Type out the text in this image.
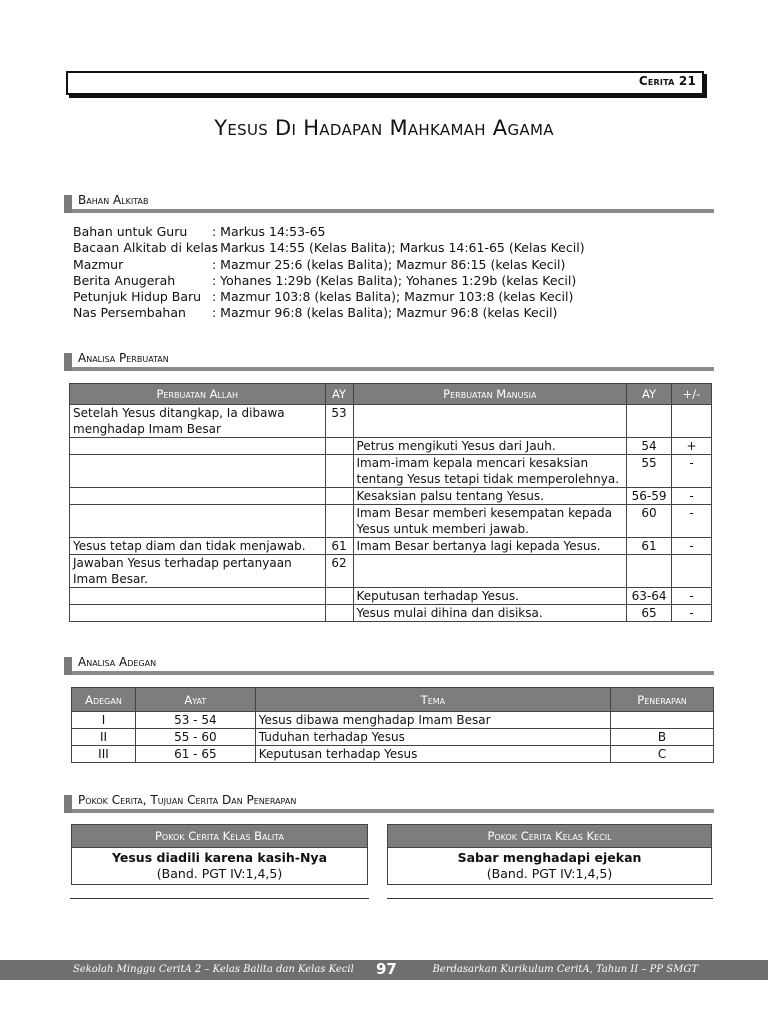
Cerita 21
Yesus Di Hadapan Mahkamah Agama
Bahan Alkitab
Bahan untuk Guru	: Markus 14:53-65
Bacaan Alkitab di kelas
: Markus 14:55 (Kelas Balita); Markus 14:61-65 (Kelas Kecil)
Mazmur	: Mazmur 25:6 (kelas Balita); Mazmur 86:15 (kelas Kecil)
Berita Anugerah	: Yohanes 1:29b (Kelas Balita); Yohanes 1:29b (kelas Kecil)
Petunjuk Hidup Baru : Mazmur 103:8 (kelas Balita); Mazmur 103:8 (kelas Kecil)
Nas Persembahan	: Mazmur 96:8 (kelas Balita); Mazmur 96:8 (kelas Kecil)
Analisa Perbuatan
Perbuatan Allah	AY	Perbuatan Manusia	AY	+/-
Setelah Yesus ditangkap, Ia dibawa menghadap Imam Besar	53			
		Petrus mengikuti Yesus dari Jauh.	54	+
		Imam-imam kepala mencari kesaksian tentang Yesus tetapi tidak memperolehnya.	55	-
		Kesaksian palsu tentang Yesus.	56-59	-
		Imam Besar memberi kesempatan kepada Yesus untuk memberi jawab.	60	-
Yesus tetap diam dan tidak menjawab.	61	Imam Besar bertanya lagi kepada Yesus.	61	-
Jawaban Yesus terhadap pertanyaan Imam Besar.	62			
		Keputusan terhadap Yesus.	63-64	-
		Yesus mulai dihina dan disiksa.	65	-
Analisa Adegan
Adegan	Ayat	Tema	Penerapan
I	53 - 54	Yesus dibawa menghadap Imam Besar	
II	55 - 60	Tuduhan terhadap Yesus	B
III	61 - 65	Keputusan terhadap Yesus	C
Pokok Cerita, Tujuan Cerita Dan Penerapan
Pokok Cerita Kelas Balita
Yesus diadili karena kasih-Nya
(Band. PGT IV:1,4,5)
Pokok Cerita Kelas Kecil
Sabar menghadapi ejekan
(Band. PGT IV:1,4,5)
Sekolah Minggu CeritA 2 – Kelas Balita dan Kelas Kecil 97	Berdasarkan Kurikulum CeritA, Tahun II – PP SMGT
